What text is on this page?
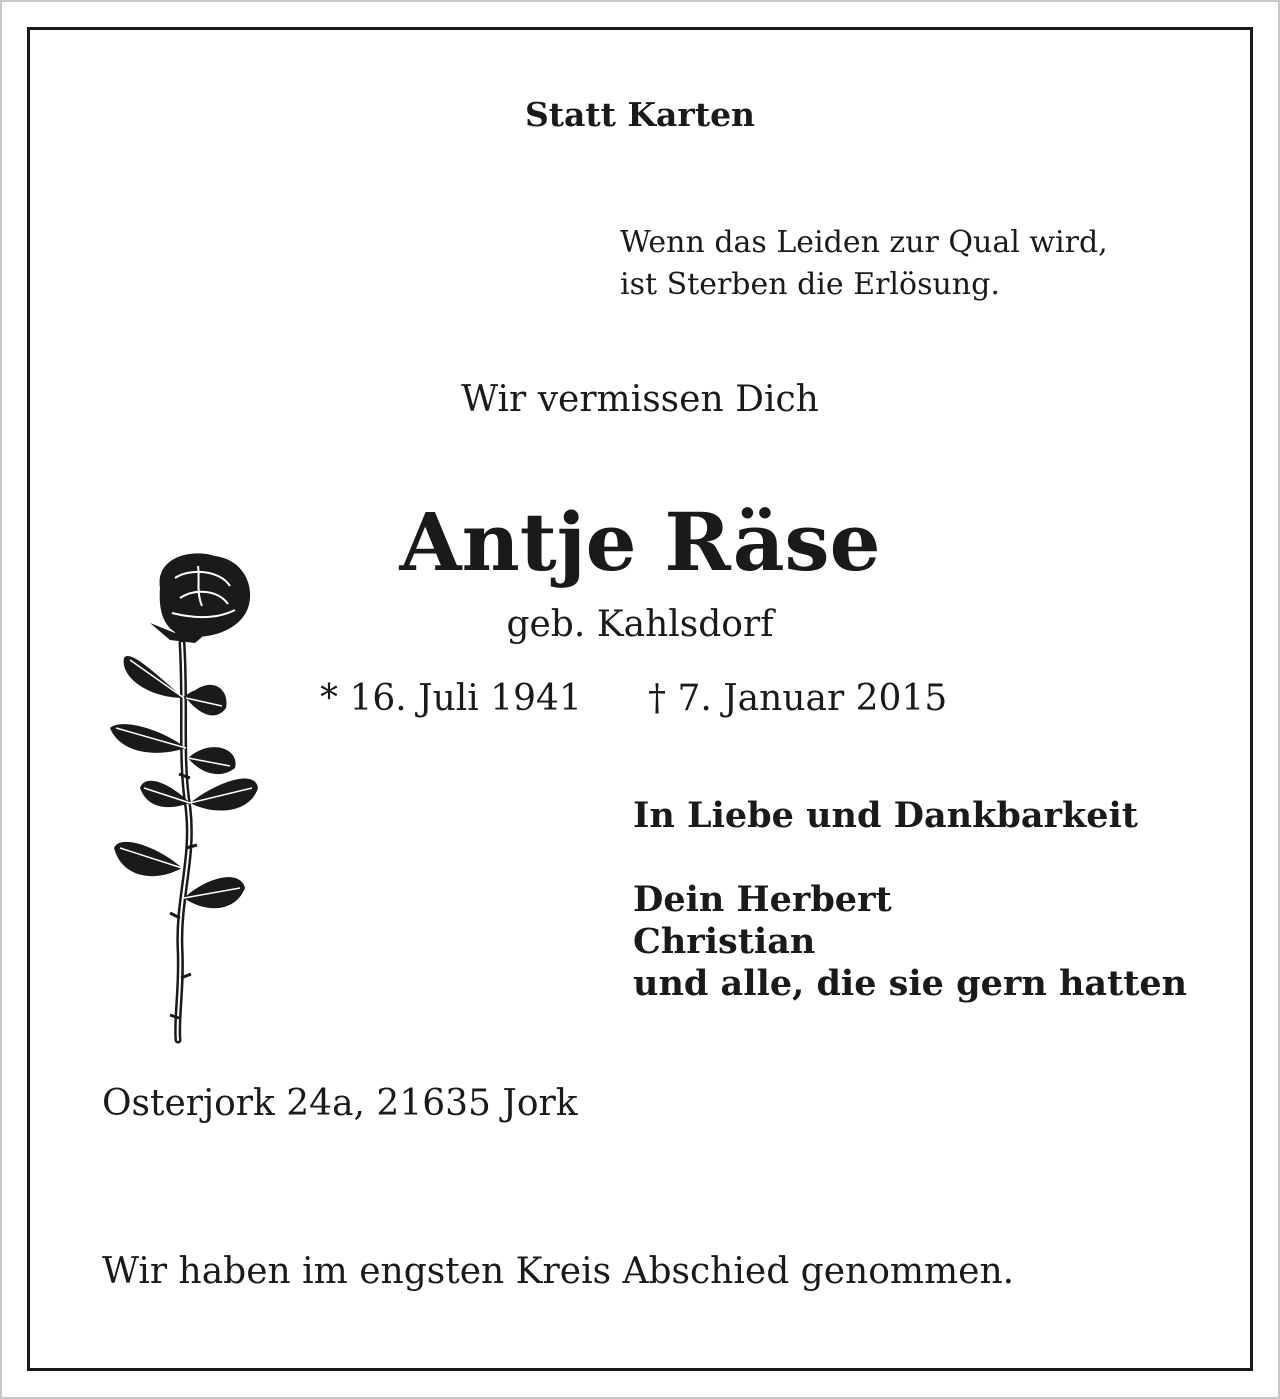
Statt Karten
Wenn das Leiden zur Qual wird,
ist Sterben die Erlösung.
Wir vermissen Dich
Antje Räse
geb. Kahlsdorf
* 16. Juli 1941 † 7. Januar 2015
In Liebe und Dankbarkeit
Dein Herbert
Christian
und alle, die sie gern hatten
Osterjork 24a, 21635 Jork
Wir haben im engsten Kreis Abschied genommen.
